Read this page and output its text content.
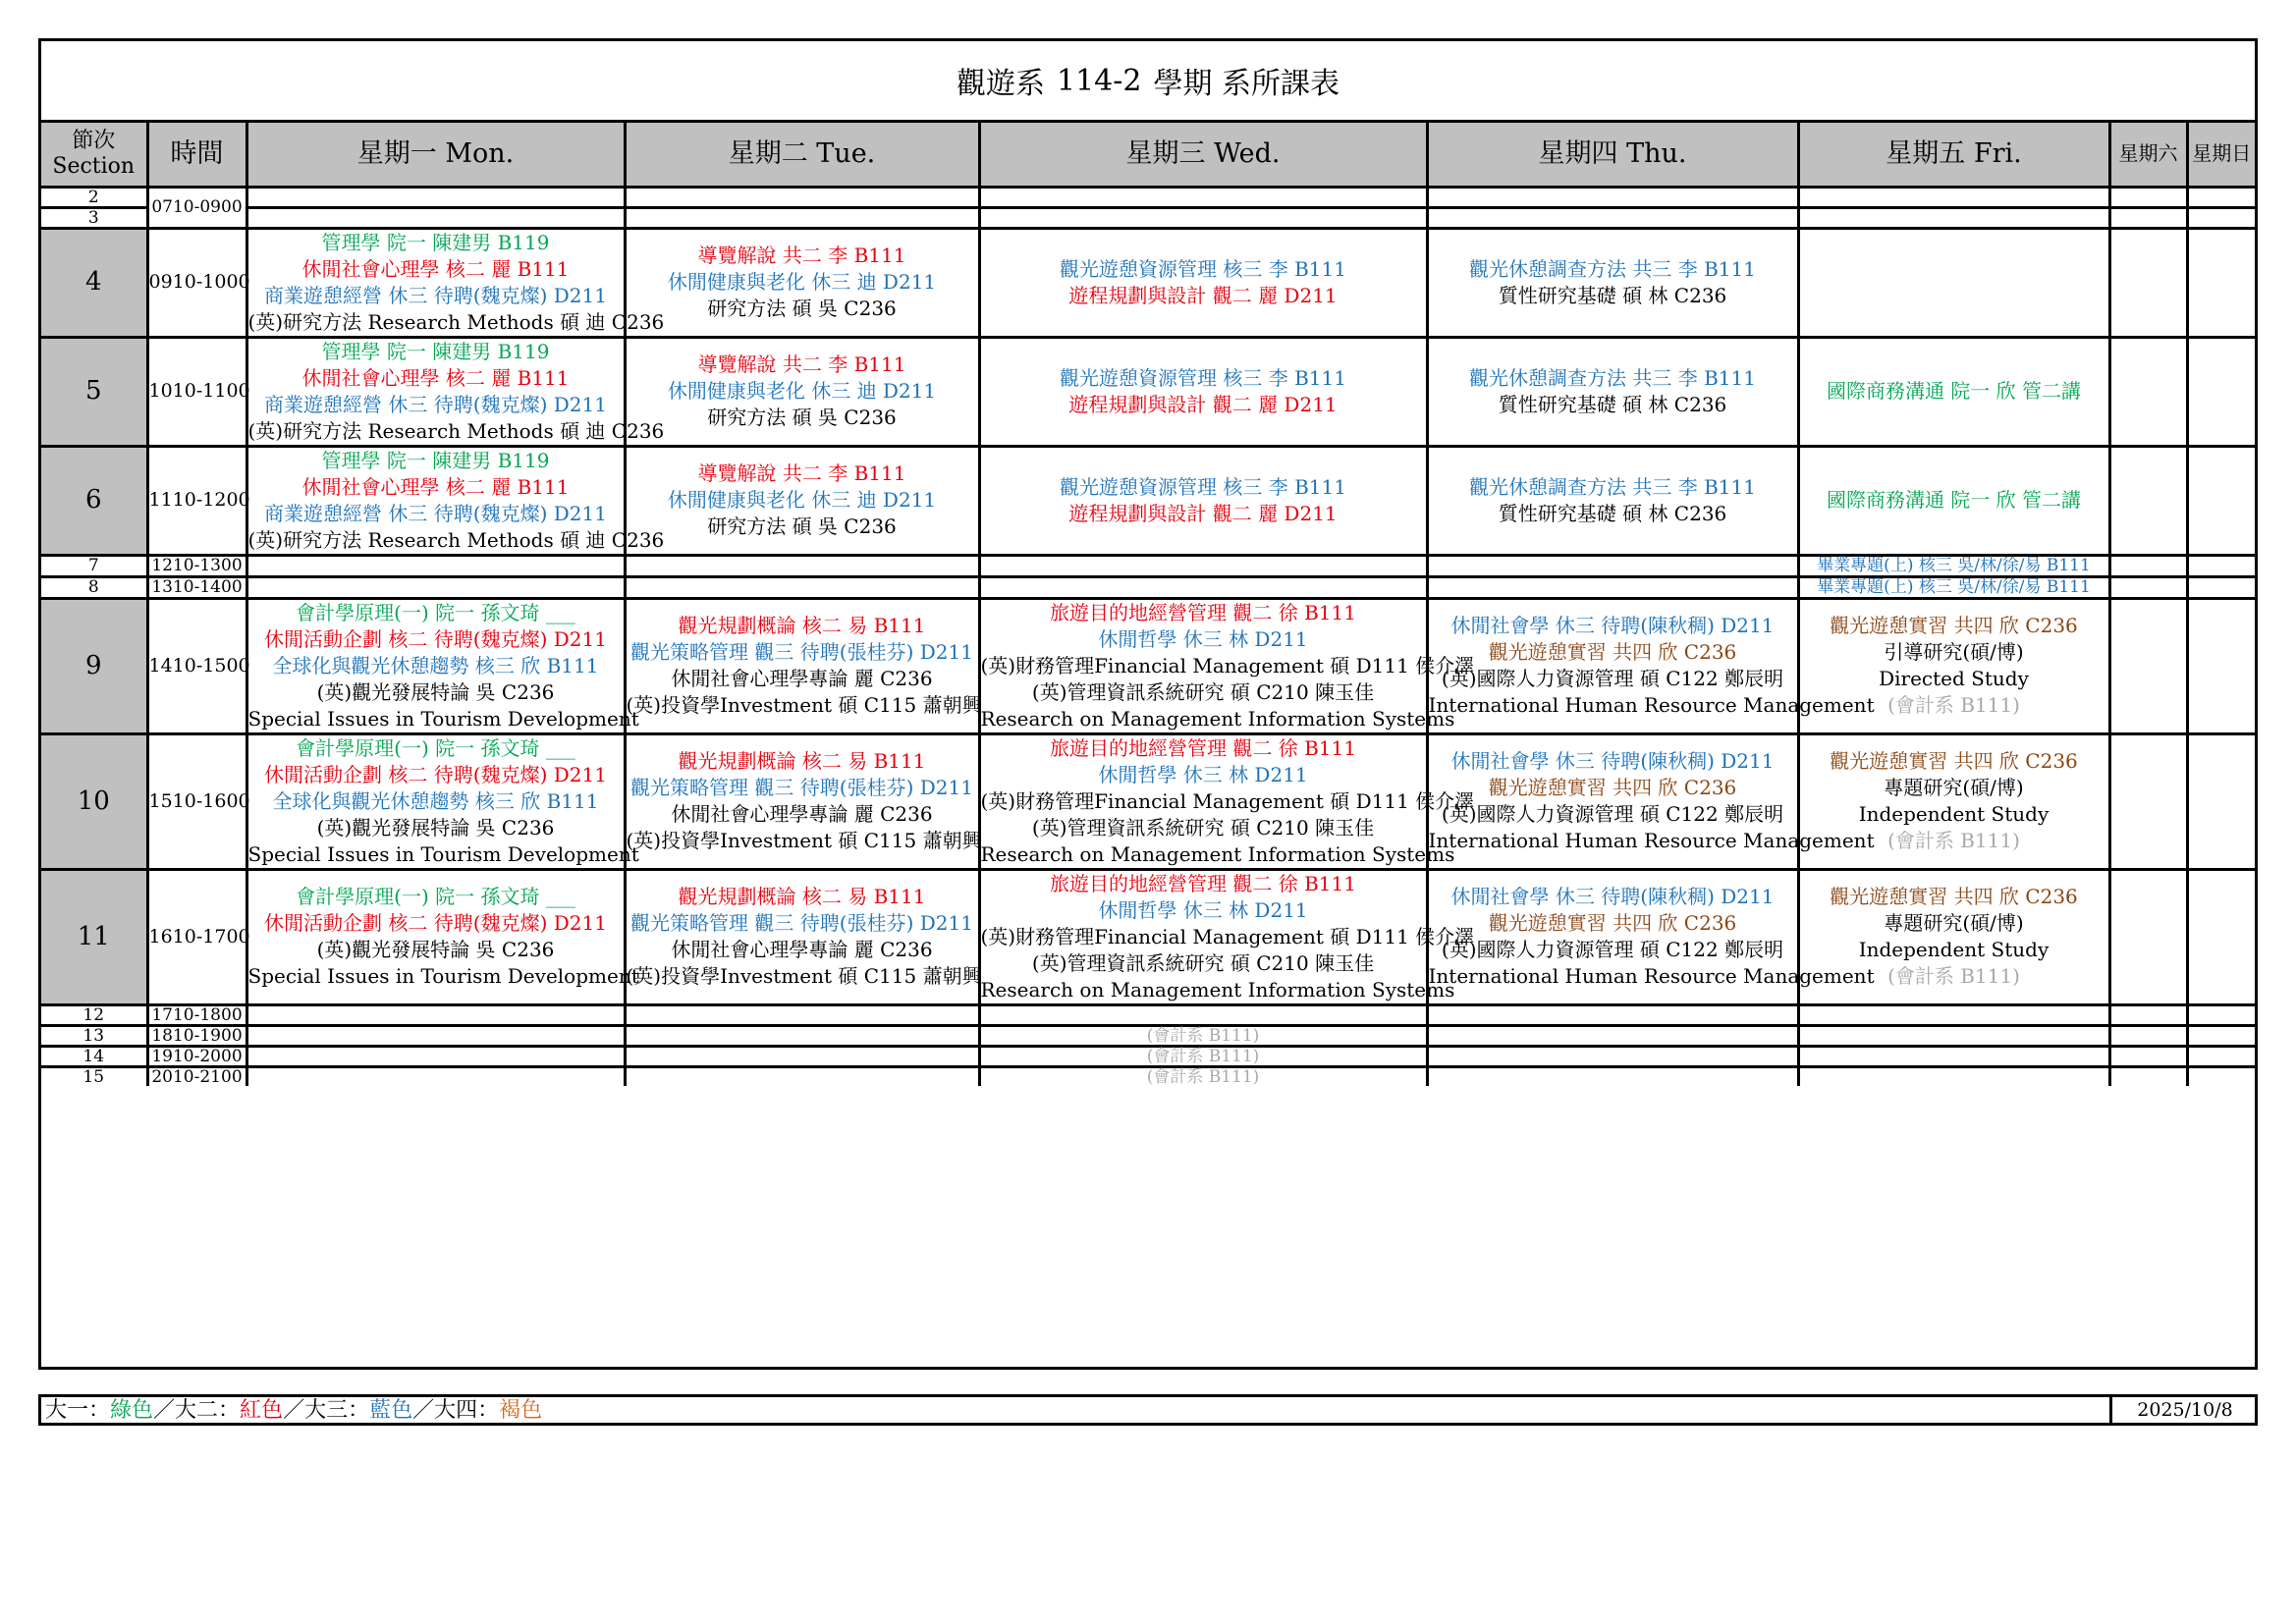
觀遊系 114-2 學期 系所課表
節次
Section	時間	星期一 Mon.	星期二 Tue.	星期三 Wed.	星期四 Thu.	星期五 Fri.	星期六	星期日
2	0710-0900							
3								
4	0910-1000	管理學 院一 陳建男 B119
休閒社會心理學 核二 麗 B111
商業遊憩經營 休三 待聘(魏克燦) D211
(英)研究方法 Research Methods 碩 迪 C236	導覽解說 共二 李 B111
休閒健康與老化 休三 迪 D211
研究方法 碩 吳 C236	觀光遊憩資源管理 核三 李 B111
遊程規劃與設計 觀二 麗 D211	觀光休憩調查方法 共三 李 B111
質性研究基礎 碩 林 C236			

5	1010-1100	管理學 院一 陳建男 B119
休閒社會心理學 核二 麗 B111
商業遊憩經營 休三 待聘(魏克燦) D211
(英)研究方法 Research Methods 碩 迪 C236	導覽解說 共二 李 B111
休閒健康與老化 休三 迪 D211
研究方法 碩 吳 C236	觀光遊憩資源管理 核三 李 B111
遊程規劃與設計 觀二 麗 D211	觀光休憩調查方法 共三 李 B111
質性研究基礎 碩 林 C236	國際商務溝通 院一 欣 管二講		

6	1110-1200	管理學 院一 陳建男 B119
休閒社會心理學 核二 麗 B111
商業遊憩經營 休三 待聘(魏克燦) D211
(英)研究方法 Research Methods 碩 迪 C236	導覽解說 共二 李 B111
休閒健康與老化 休三 迪 D211
研究方法 碩 吳 C236	觀光遊憩資源管理 核三 李 B111
遊程規劃與設計 觀二 麗 D211	觀光休憩調查方法 共三 李 B111
質性研究基礎 碩 林 C236	國際商務溝通 院一 欣 管二講		

7	1210-1300					畢業專題(上) 核三 吳/林/徐/易 B111		

8	1310-1400					畢業專題(上) 核三 吳/林/徐/易 B111		

9	1410-1500	會計學原理(一) 院一 孫文琦 ___
休閒活動企劃 核二 待聘(魏克燦) D211
全球化與觀光休憩趨勢 核三 欣 B111
(英)觀光發展特論 吳 C236
Special Issues in Tourism Development	觀光規劃概論 核二 易 B111
觀光策略管理 觀三 待聘(張桂芬) D211
休閒社會心理學專論 麗 C236
(英)投資學Investment 碩 C115 蕭朝興	旅遊目的地經營管理 觀二 徐 B111
休閒哲學 休三 林 D211
(英)財務管理Financial Management 碩 D111 侯介澤
(英)管理資訊系統研究 碩 C210 陳玉佳
Research on Management Information Systems	休閒社會學 休三 待聘(陳秋稠) D211
觀光遊憩實習 共四 欣 C236
(英)國際人力資源管理 碩 C122 鄭辰明
International Human Resource Management	觀光遊憩實習 共四 欣 C236
引導研究(碩/博)
Directed Study
(會計系 B111)		

10	1510-1600	會計學原理(一) 院一 孫文琦 ___
休閒活動企劃 核二 待聘(魏克燦) D211
全球化與觀光休憩趨勢 核三 欣 B111
(英)觀光發展特論 吳 C236
Special Issues in Tourism Development	觀光規劃概論 核二 易 B111
觀光策略管理 觀三 待聘(張桂芬) D211
休閒社會心理學專論 麗 C236
(英)投資學Investment 碩 C115 蕭朝興	旅遊目的地經營管理 觀二 徐 B111
休閒哲學 休三 林 D211
(英)財務管理Financial Management 碩 D111 侯介澤
(英)管理資訊系統研究 碩 C210 陳玉佳
Research on Management Information Systems	休閒社會學 休三 待聘(陳秋稠) D211
觀光遊憩實習 共四 欣 C236
(英)國際人力資源管理 碩 C122 鄭辰明
International Human Resource Management	觀光遊憩實習 共四 欣 C236
專題研究(碩/博)
Independent Study
(會計系 B111)		

11	1610-1700	會計學原理(一) 院一 孫文琦 ___
休閒活動企劃 核二 待聘(魏克燦) D211
(英)觀光發展特論 吳 C236
Special Issues in Tourism Development	觀光規劃概論 核二 易 B111
觀光策略管理 觀三 待聘(張桂芬) D211
休閒社會心理學專論 麗 C236
(英)投資學Investment 碩 C115 蕭朝興	旅遊目的地經營管理 觀二 徐 B111
休閒哲學 休三 林 D211
(英)財務管理Financial Management 碩 D111 侯介澤
(英)管理資訊系統研究 碩 C210 陳玉佳
Research on Management Information Systems	休閒社會學 休三 待聘(陳秋稠) D211
觀光遊憩實習 共四 欣 C236
(英)國際人力資源管理 碩 C122 鄭辰明
International Human Resource Management	觀光遊憩實習 共四 欣 C236
專題研究(碩/博)
Independent Study
(會計系 B111)		

12	1710-1800							
13	1810-1900			(會計系 B111)				

14	1910-2000			(會計系 B111)				

15	2010-2100			(會計系 B111)				

大一：綠色／大二：紅色／大三：藍色／大四：褐色	2025/10/8
